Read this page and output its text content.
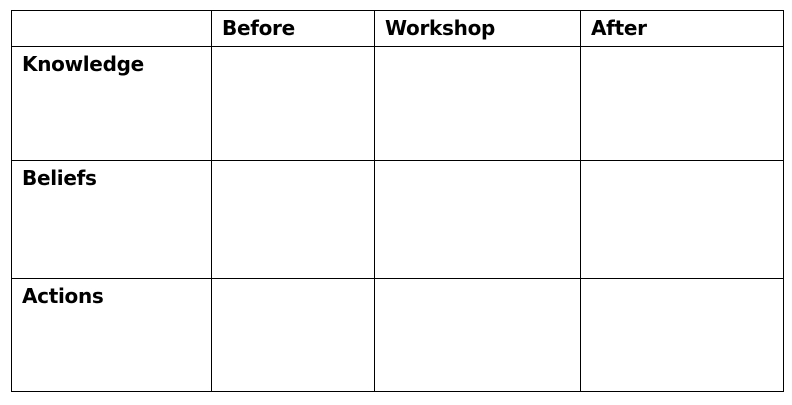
	Before	Workshop	After

Knowledge			

Beliefs			

Actions			
